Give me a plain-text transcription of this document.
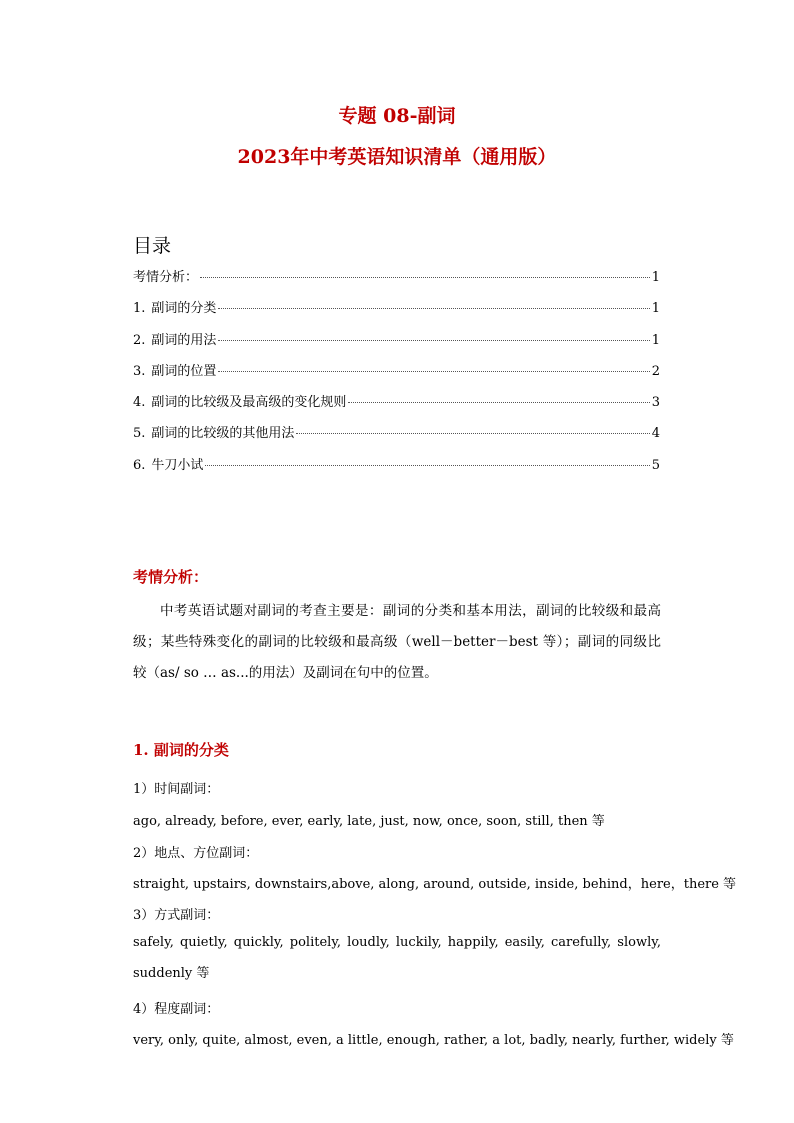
专题 08-副词
2023年中考英语知识清单（通用版）
目录
考情分析：	1
1. 副词的分类	1
2. 副词的用法	1
3. 副词的位置	2
4. 副词的比较级及最高级的变化规则	3
5. 副词的比较级的其他用法	4
6. 牛刀小试	5
考情分析：

中考英语试题对副词的考查主要是：副词的分类和基本用法，副词的比较级和最高级；某些特殊变化的副词的比较级和最高级（well－better－best 等）；副词的同级比较（as/ so … as...的用法）及副词在句中的位置。

1. 副词的分类

1）时间副词：

ago, already, before, ever, early, late, just, now, once, soon, still, then 等

2）地点、方位副词：

straight, upstairs, downstairs,above, along, around, outside, inside, behind，here，there 等

3）方式副词：

safely, quietly, quickly, politely, loudly, luckily, happily, easily, carefully, slowly, suddenly 等

4）程度副词：

very, only, quite, almost, even, a little, enough, rather, a lot, badly, nearly, further, widely 等
